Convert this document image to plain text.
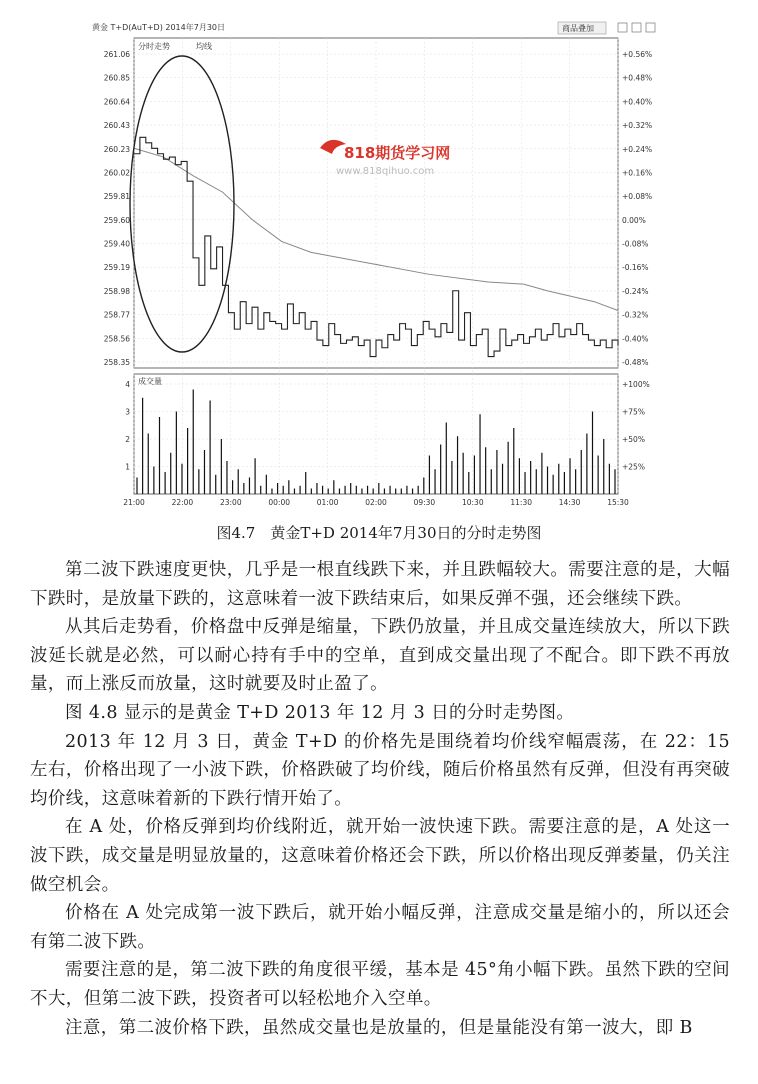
黄金 T+D(AuT+D) 2014年7月30日	商品叠加
分时走势	均线
成交量
261.06
260.85
260.64
260.43
260.23
260.02
259.81
259.60
259.40
259.19
258.98
258.77
258.56
258.35
+0.56%
+0.48%
+0.40%
+0.32%
+0.24%
+0.16%
+0.08%
0.00%
-0.08%
-0.16%
-0.24%
-0.32%
-0.40%
-0.48%
4	+100%
3	+75%
2	+50%
1	+25%
21:00	22:00	23:00	00:00	01:00	02:00	09:30	10:30	11:30	14:30	15:30
818期货学习网
www.818qihuo.com
图4.7　黄金T+D 2014年7月30日的分时走势图

第二波下跌速度更快，几乎是一根直线跌下来，并且跌幅较大。需要注意的是，大幅下跌时，是放量下跌的，这意味着一波下跌结束后，如果反弹不强，还会继续下跌。

从其后走势看，价格盘中反弹是缩量，下跌仍放量，并且成交量连续放大，所以下跌波延长就是必然，可以耐心持有手中的空单，直到成交量出现了不配合。即下跌不再放量，而上涨反而放量，这时就要及时止盈了。

图 4.8 显示的是黄金 T+D 2013 年 12 月 3 日的分时走势图。

2013 年 12 月 3 日，黄金 T+D 的价格先是围绕着均价线窄幅震荡，在 22：15 左右，价格出现了一小波下跌，价格跌破了均价线，随后价格虽然有反弹，但没有再突破均价线，这意味着新的下跌行情开始了。

在 A 处，价格反弹到均价线附近，就开始一波快速下跌。需要注意的是，A 处这一波下跌，成交量是明显放量的，这意味着价格还会下跌，所以价格出现反弹萎量，仍关注做空机会。

价格在 A 处完成第一波下跌后，就开始小幅反弹，注意成交量是缩小的，所以还会有第二波下跌。

需要注意的是，第二波下跌的角度很平缓，基本是 45°角小幅下跌。虽然下跌的空间不大，但第二波下跌，投资者可以轻松地介入空单。

注意，第二波价格下跌，虽然成交量也是放量的，但是量能没有第一波大，即 B
